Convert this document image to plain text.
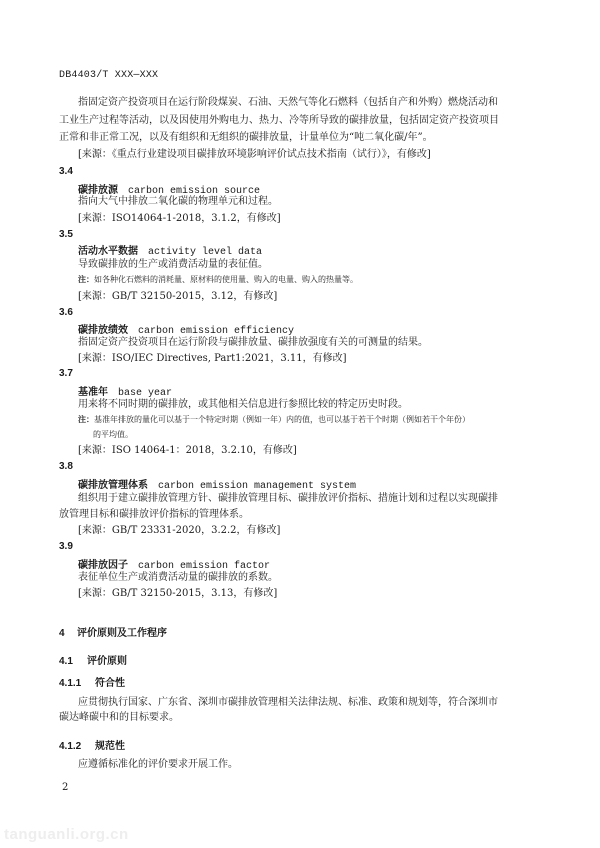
DB4403/T XXX—XXX
指固定资产投资项目在运行阶段煤炭、石油、天然气等化石燃料（包括自产和外购）燃烧活动和
工业生产过程等活动，以及因使用外购电力、热力、冷等所导致的碳排放量，包括固定资产投资项目
正常和非正常工况，以及有组织和无组织的碳排放量，计量单位为“吨二氧化碳/年”。
[来源：《重点行业建设项目碳排放环境影响评价试点技术指南（试行）》，有修改]
3.4
碳排放源 carbon emission source
指向大气中排放二氧化碳的物理单元和过程。
[来源：ISO14064-1-2018，3.1.2，有修改]
3.5
活动水平数据 activity level data
导致碳排放的生产或消费活动量的表征值。
注：如各种化石燃料的消耗量、原材料的使用量、购入的电量、购入的热量等。
[来源：GB/T 32150-2015，3.12，有修改]
3.6
碳排放绩效 carbon emission efficiency
指固定资产投资项目在运行阶段与碳排放量、碳排放强度有关的可测量的结果。
[来源：ISO/IEC Directives, Part1:2021，3.11，有修改]
3.7
基准年 base year
用来将不同时期的碳排放，或其他相关信息进行参照比较的特定历史时段。
注：基准年排放的量化可以基于一个特定时期（例如一年）内的值，也可以基于若干个时期（例如若干个年份）
的平均值。
[来源：ISO 14064-1：2018，3.2.10，有修改]
3.8
碳排放管理体系 carbon emission management system
组织用于建立碳排放管理方针、碳排放管理目标、碳排放评价指标、措施计划和过程以实现碳排
放管理目标和碳排放评价指标的管理体系。
[来源：GB/T 23331-2020，3.2.2，有修改]
3.9
碳排放因子 carbon emission factor
表征单位生产或消费活动量的碳排放的系数。
[来源：GB/T 32150-2015，3.13，有修改]
4 评价原则及工作程序
4.1 评价原则
4.1.1 符合性
应贯彻执行国家、广东省、深圳市碳排放管理相关法律法规、标准、政策和规划等，符合深圳市
碳达峰碳中和的目标要求。
4.1.2 规范性
应遵循标准化的评价要求开展工作。
2
tanguanli.org.cn
